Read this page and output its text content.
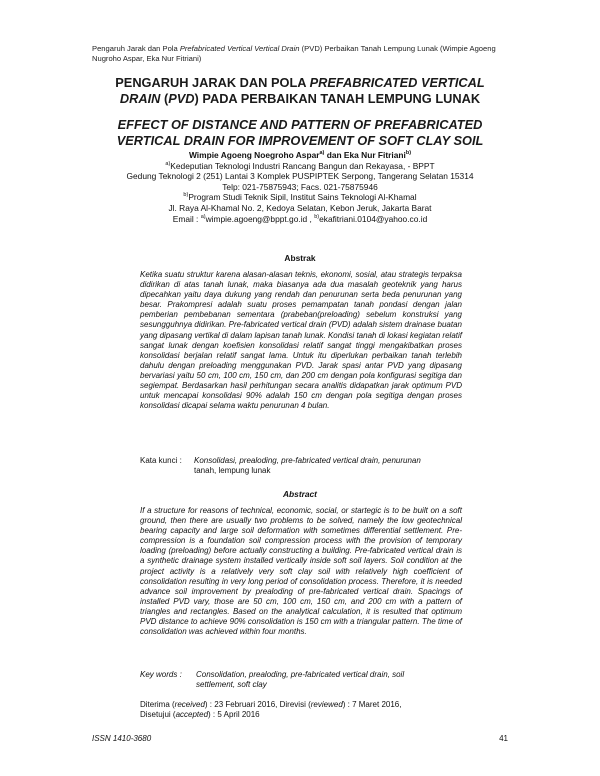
Pengaruh Jarak dan Pola Prefabricated Vertical Vertical Drain (PVD) Perbaikan Tanah Lempung Lunak (Wimpie Agoeng Nugroho Aspar, Eka Nur Fitriani)
PENGARUH JARAK DAN POLA PREFABRICATED VERTICAL
DRAIN (PVD) PADA PERBAIKAN TANAH LEMPUNG LUNAK
EFFECT OF DISTANCE AND PATTERN OF PREFABRICATED
VERTICAL DRAIN FOR IMPROVEMENT OF SOFT CLAY SOIL
Wimpie Agoeng Noegroho Aspar$^{a)}$ dan Eka Nur Fitriani$^{b)}$
$^{a)}$Kedeputian Teknologi Industri Rancang Bangun dan Rekayasa, - BPPT
Gedung Teknologi 2 (251) Lantai 3 Komplek PUSPIPTEK Serpong, Tangerang Selatan 15314
Telp: 021-75875943; Facs. 021-75875946
$^{b)}$Program Studi Teknik Sipil, Institut Sains Teknologi Al-Khamal
Jl. Raya Al-Khamal No. 2, Kedoya Selatan, Kebon Jeruk, Jakarta Barat
Email : $^{a)}$wimpie.agoeng@bppt.go.id , $^{b)}$ekafitriani.0104@yahoo.co.id
Abstrak
Ketika suatu struktur karena alasan-alasan teknis, ekonomi, sosial, atau strategis terpaksa didirikan di atas tanah lunak, maka biasanya ada dua masalah geoteknik yang harus dipecahkan yaitu daya dukung yang rendah dan penurunan serta beda penurunan yang besar. Prakompresi adalah suatu proses pemampatan tanah pondasi dengan jalan pemberian pembebanan sementara (prabeban(preloading) sebelum konstruksi yang sesungguhnya didirikan. Pre-fabricated vertical drain (PVD) adalah sistem drainase buatan yang dipasang vertikal di dalam lapisan tanah lunak. Kondisi tanah di lokasi kegiatan relatif sangat lunak dengan koefisien konsolidasi relatif sangat tinggi mengakibatkan proses konsolidasi berjalan relatif sangat lama. Untuk itu diperlukan perbaikan tanah terlebih dahulu dengan preloading menggunakan PVD. Jarak spasi antar PVD yang dipasang bervariasi yaitu 50 cm, 100 cm, 150 cm, dan 200 cm dengan pola konfigurasi segitiga dan segiempat. Berdasarkan hasil perhitungan secara analitis didapatkan jarak optimum PVD untuk mencapai konsolidasi 90% adalah 150 cm dengan pola segitiga dengan proses konsolidasi dicapai selama waktu penurunan 4 bulan.
Kata kunci : Konsolidasi, prealoding, pre-fabricated vertical drain, penurunan
tanah, lempung lunak
Abstract
If a structure for reasons of technical, economic, social, or startegic is to be built on a soft ground, then there are usually two problems to be solved, namely the low geotechnical bearing capacity and large soil deformation with sometimes differential settlement. Pre-compression is a foundation soil compression process with the provision of temporary loading (preloading) before actually constructing a building. Pre-fabricated vertical drain is a synthetic drainage system installed vertically inside soft soil layers. Soil condition at the project activity is a relatively very soft clay soil with relatively high coefficient of consolidation resulting in very long period of consolidation process. Therefore, it is needed advance soil improvement by prealoding of pre-fabricated vertical drain. Spacings of installed PVD vary, those are 50 cm, 100 cm, 150 cm, and 200 cm with a pattern of triangles and rectangles. Based on the analytical calculation, it is resulted that optimum PVD distance to achieve 90% consolidation is 150 cm with a triangular pattern. The time of consolidation was achieved within four months.
Key words : Consolidation, prealoding, pre-fabricated vertical drain, soil
settlement, soft clay
Diterima (received) : 23 Februari 2016, Direvisi (reviewed) : 7 Maret 2016,
Disetujui (accepted) : 5 April 2016
ISSN 1410-3680	41
